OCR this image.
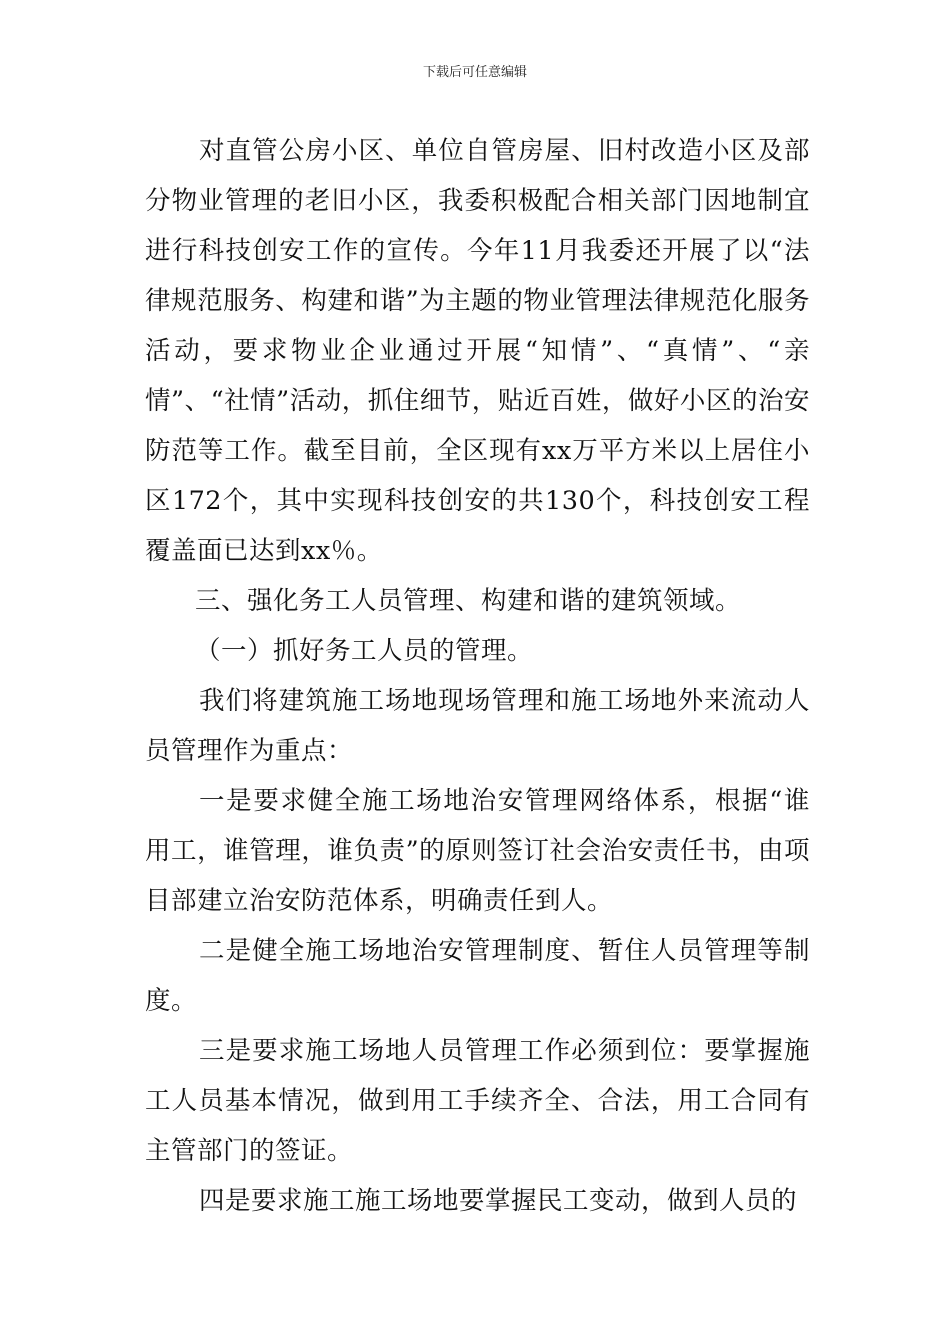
下载后可任意编辑

对直管公房小区、单位自管房屋、旧村改造小区及部分物业管理的老旧小区，我委积极配合相关部门因地制宜进行科技创安工作的宣传。今年11月我委还开展了以“法律规范服务、构建和谐”为主题的物业管理法律规范化服务活动，要求物业企业通过开展“知情”、“真情”、“亲情”、“社情”活动，抓住细节，贴近百姓，做好小区的治安防范等工作。截至目前，全区现有xx万平方米以上居住小区172个，其中实现科技创安的共130个，科技创安工程覆盖面已达到xx％。

三、强化务工人员管理、构建和谐的建筑领域。

（一）抓好务工人员的管理。

我们将建筑施工场地现场管理和施工场地外来流动人员管理作为重点：

一是要求健全施工场地治安管理网络体系，根据“谁用工，谁管理，谁负责”的原则签订社会治安责任书，由项目部建立治安防范体系，明确责任到人。

二是健全施工场地治安管理制度、暂住人员管理等制度。

三是要求施工场地人员管理工作必须到位：要掌握施工人员基本情况，做到用工手续齐全、合法，用工合同有主管部门的签证。

四是要求施工施工场地要掌握民工变动，做到人员的
